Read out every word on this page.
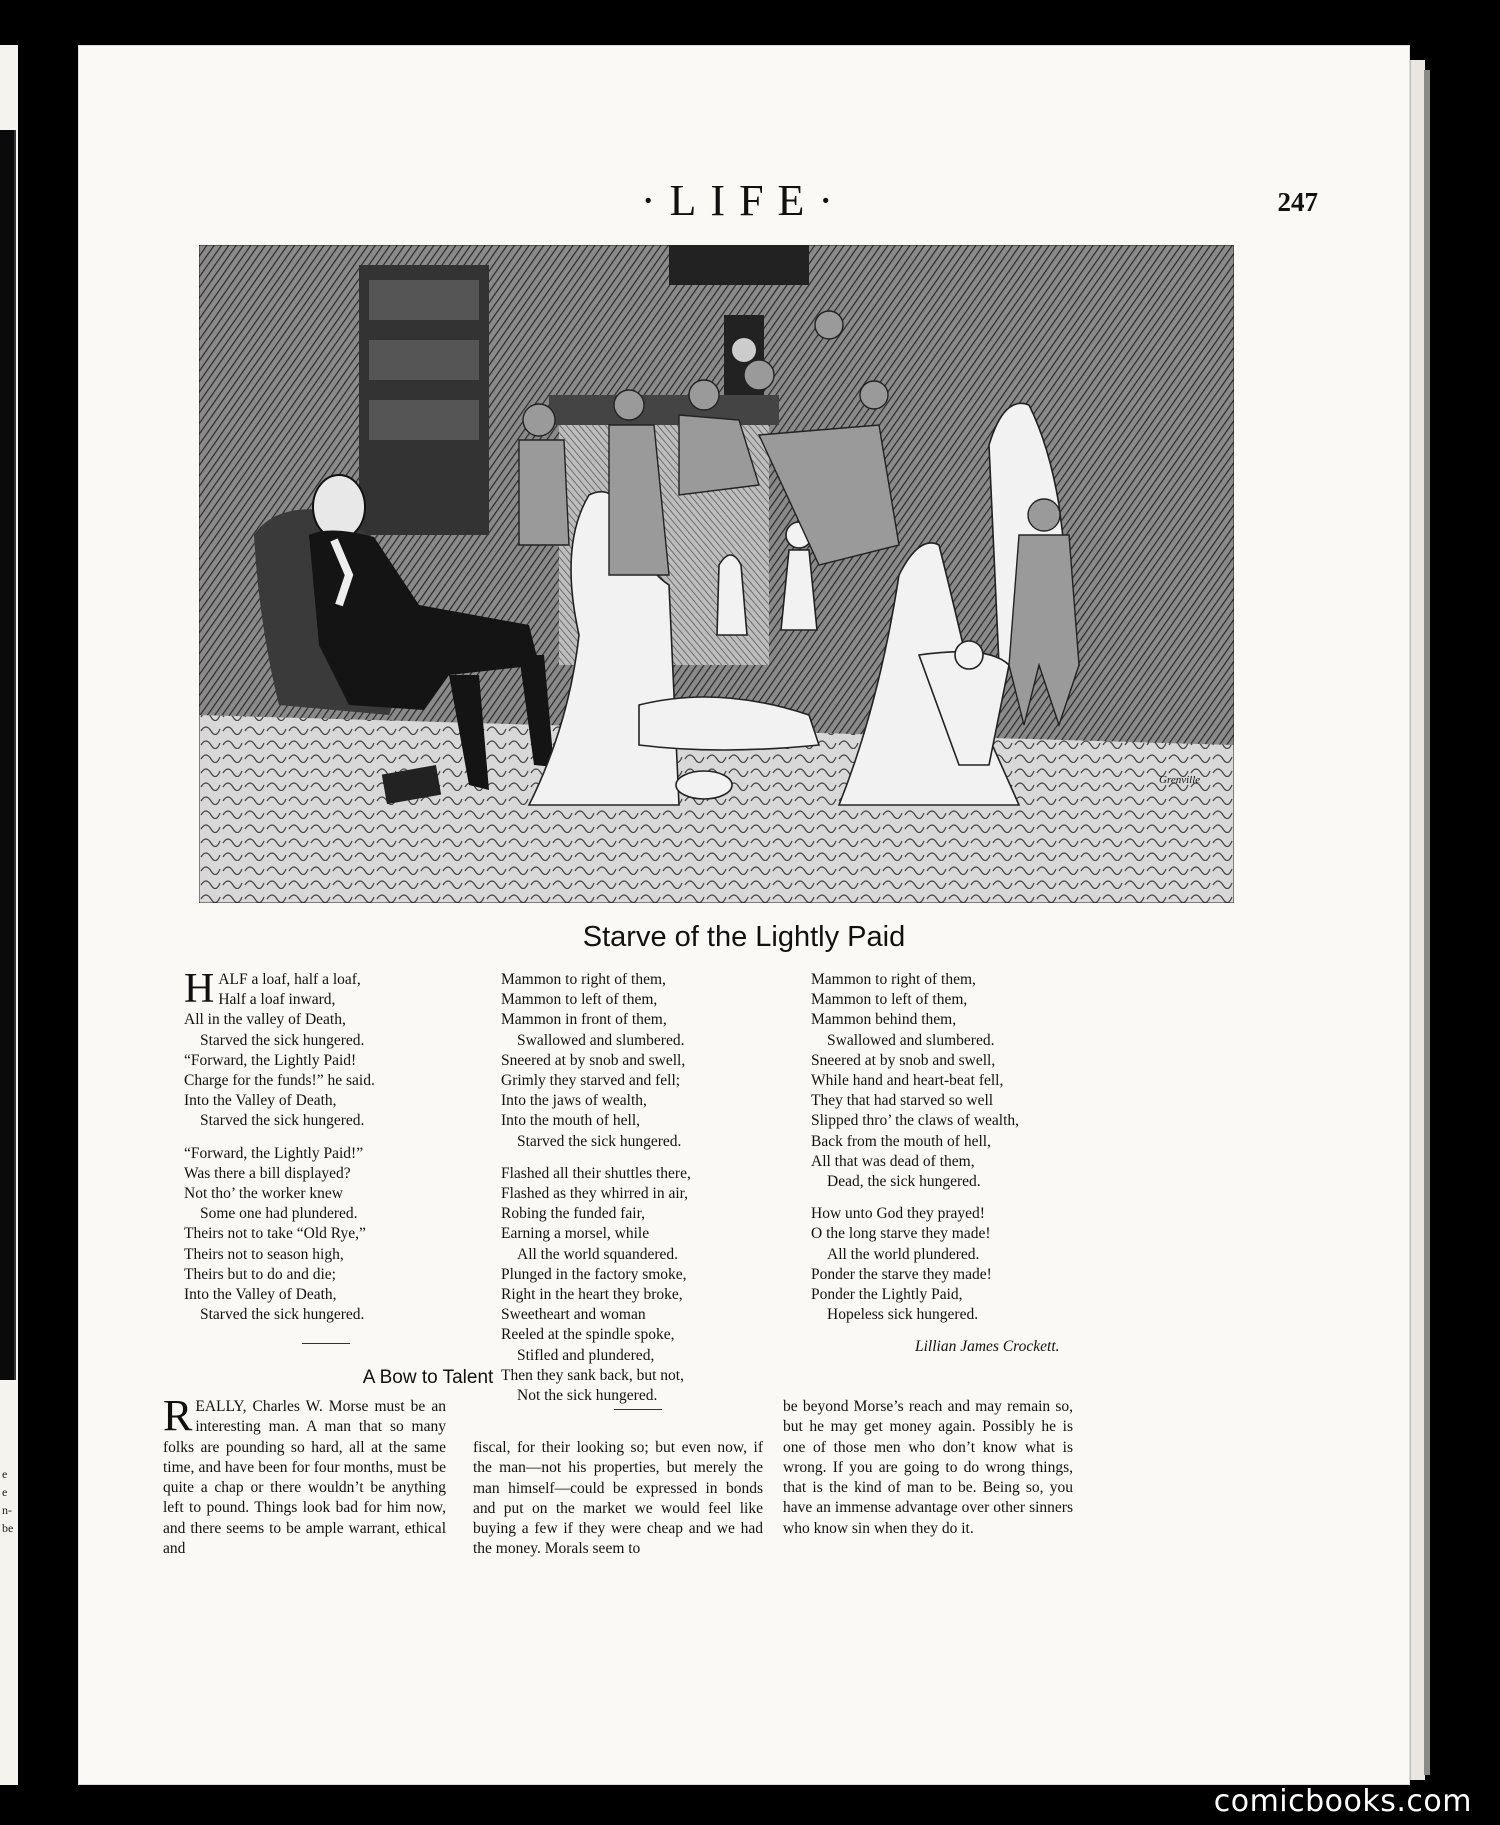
e
e
n-
be
·LIFE·	247
Grenville
Starve of the Lightly Paid
HALF a loaf, half a loaf,
Half a loaf inward,
All in the valley of Death,
Starved the sick hungered.
“Forward, the Lightly Paid!
Charge for the funds!” he said.
Into the Valley of Death,
Starved the sick hungered.
“Forward, the Lightly Paid!”
Was there a bill displayed?
Not tho’ the worker knew
Some one had plundered.
Theirs not to take “Old Rye,”
Theirs not to season high,
Theirs but to do and die;
Into the Valley of Death,
Starved the sick hungered.
Mammon to right of them,
Mammon to left of them,
Mammon in front of them,
Swallowed and slumbered.
Sneered at by snob and swell,
Grimly they starved and fell;
Into the jaws of wealth,
Into the mouth of hell,
Starved the sick hungered.
Flashed all their shuttles there,
Flashed as they whirred in air,
Robing the funded fair,
Earning a morsel, while
All the world squandered.
Plunged in the factory smoke,
Right in the heart they broke,
Sweetheart and woman
Reeled at the spindle spoke,
Stifled and plundered,
Then they sank back, but not,
Not the sick hungered.
Mammon to right of them,
Mammon to left of them,
Mammon behind them,
Swallowed and slumbered.
Sneered at by snob and swell,
While hand and heart-beat fell,
They that had starved so well
Slipped thro’ the claws of wealth,
Back from the mouth of hell,
All that was dead of them,
Dead, the sick hungered.
How unto God they prayed!
O the long starve they made!
All the world plundered.
Ponder the starve they made!
Ponder the Lightly Paid,
Hopeless sick hungered.
Lillian James Crockett.
A Bow to Talent
REALLY, Charles W. Morse must be an interesting man. A man that so many folks are pounding so hard, all at the same time, and have been for four months, must be quite a chap or there wouldn’t be anything left to pound. Things look bad for him now, and there seems to be ample warrant, ethical and
fiscal, for their looking so; but even now, if the man—not his properties, but merely the man himself—could be expressed in bonds and put on the market we would feel like buying a few if they were cheap and we had the money. Morals seem to
be beyond Morse’s reach and may remain so, but he may get money again. Possibly he is one of those men who don’t know what is wrong. If you are going to do wrong things, that is the kind of man to be. Being so, you have an immense advantage over other sinners who know sin when they do it.
comicbooks.com
